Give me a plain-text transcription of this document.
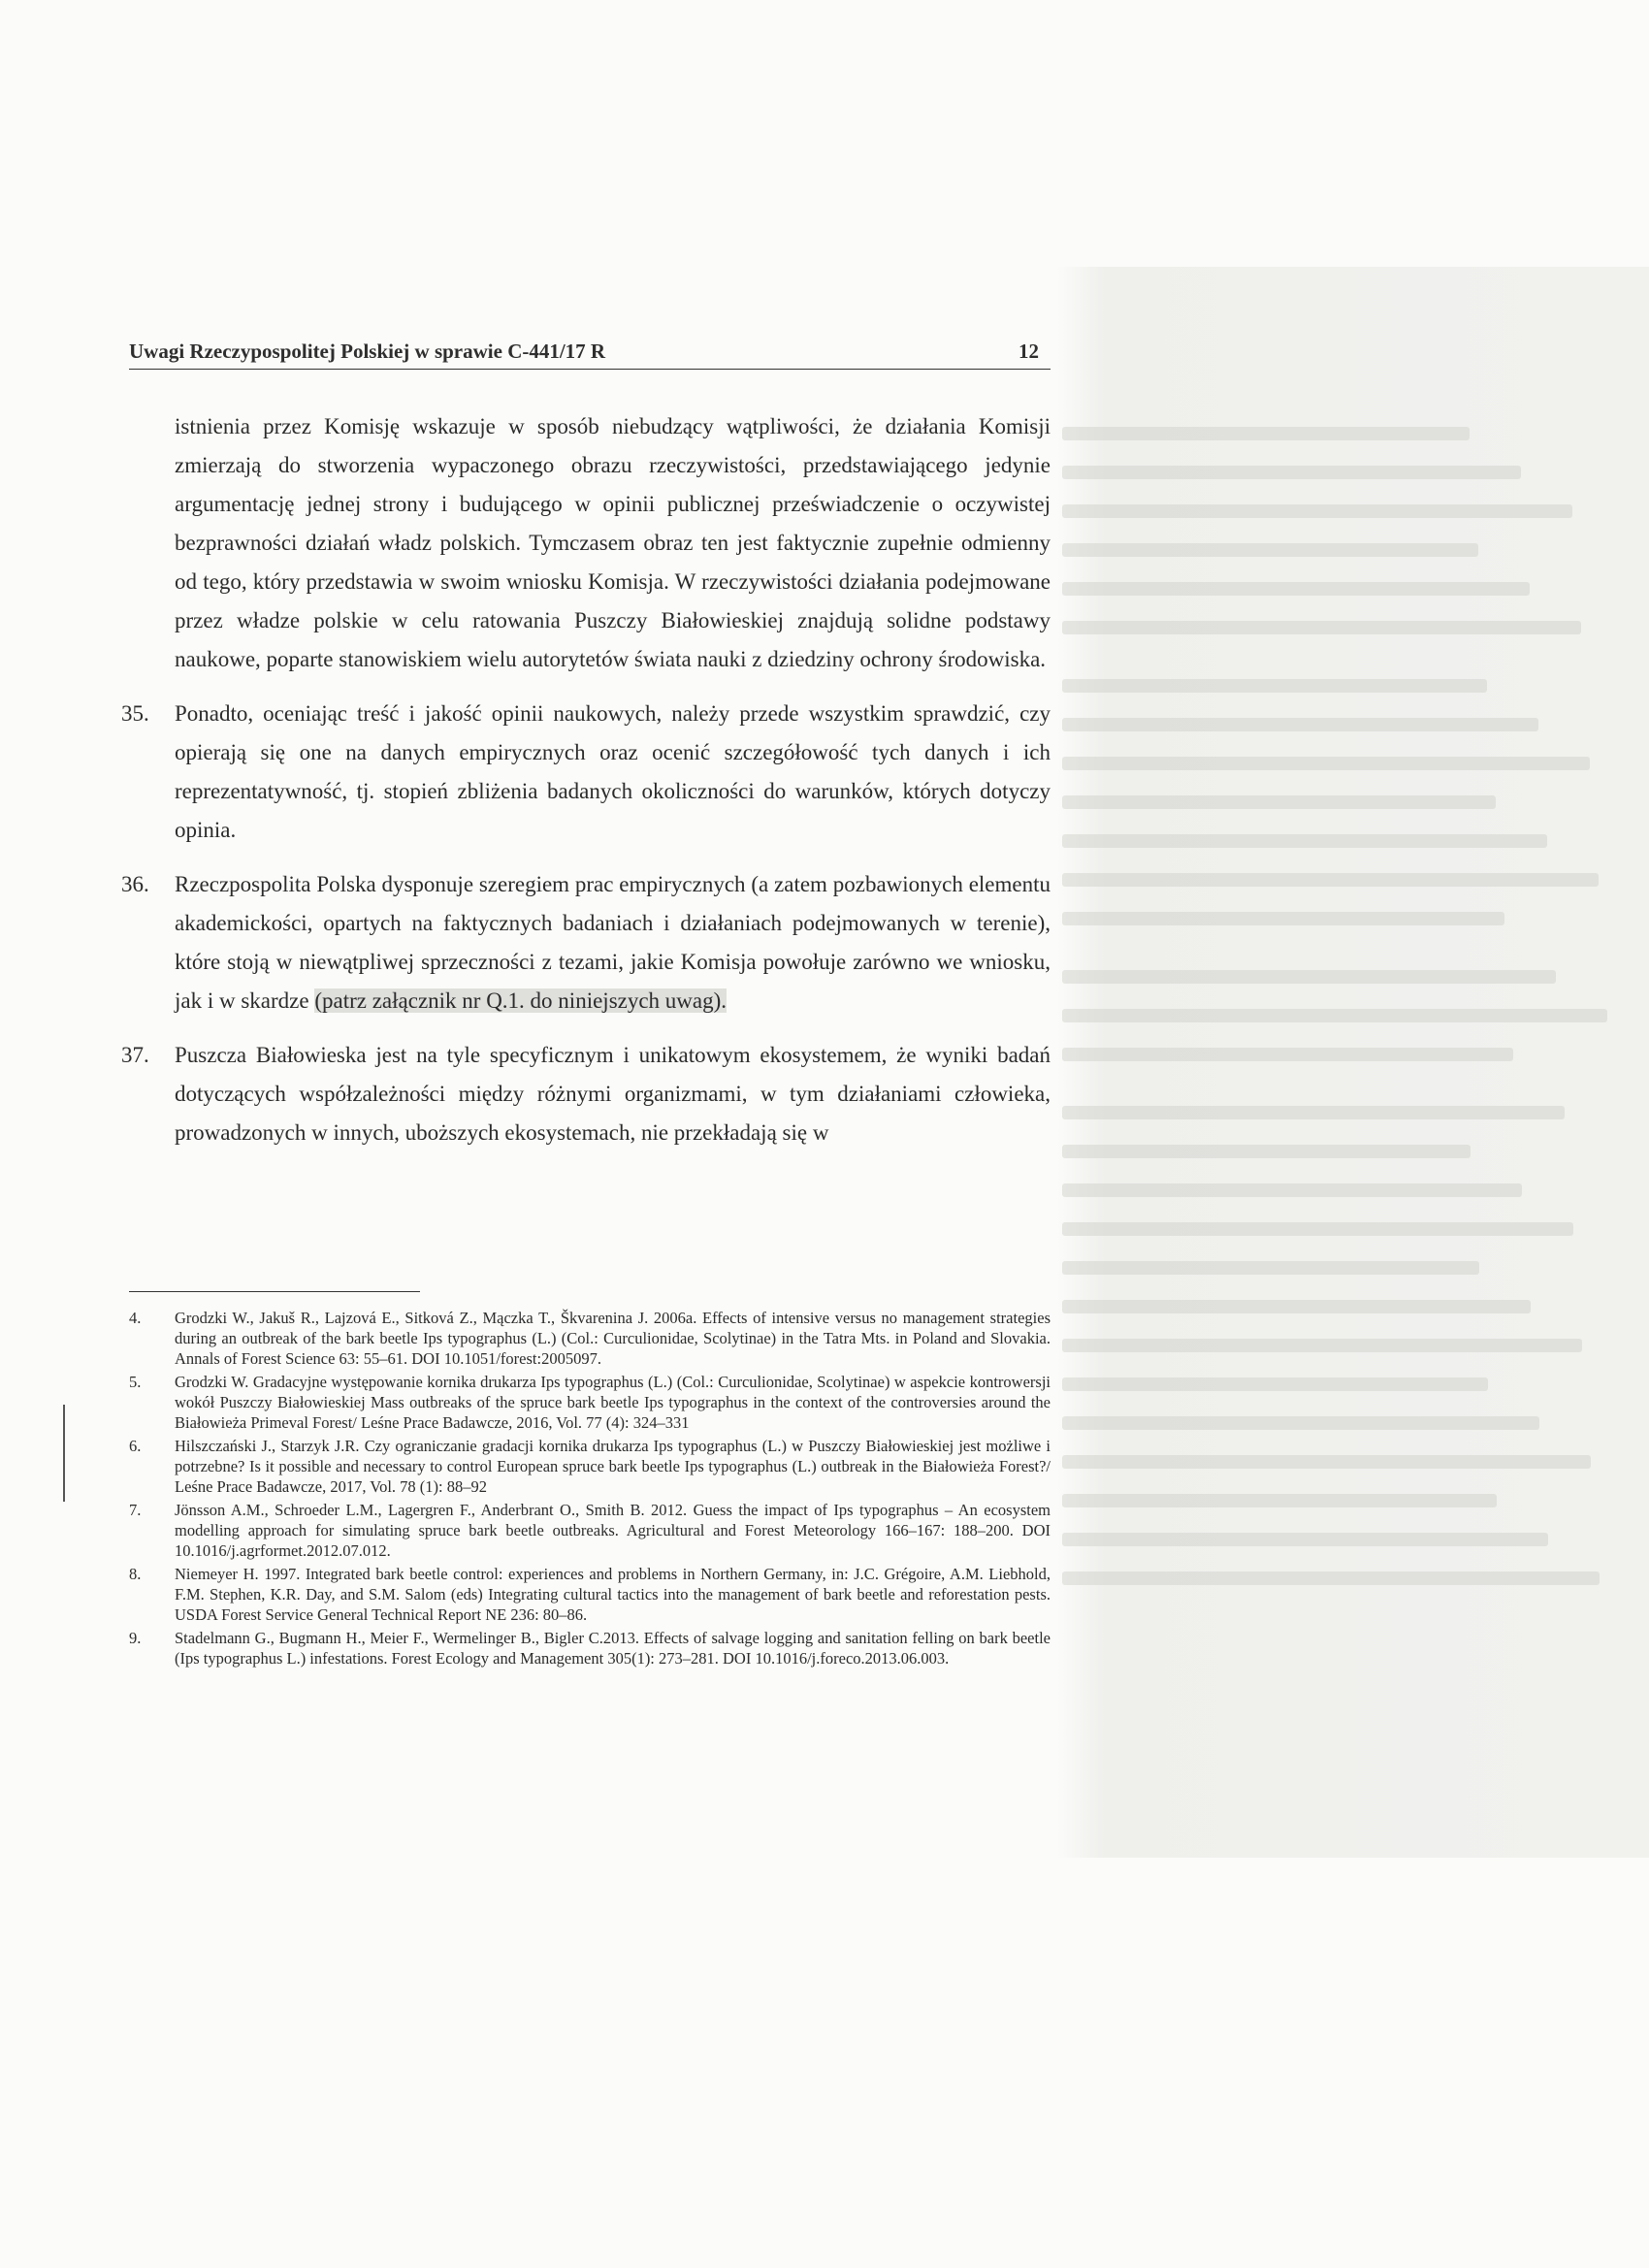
Uwagi Rzeczypospolitej Polskiej w sprawie C-441/17 R	12

istnienia przez Komisję wskazuje w sposób niebudzący wątpliwości, że działania Komisji zmierzają do stworzenia wypaczonego obrazu rzeczywistości, przedstawiającego jedynie argumentację jednej strony i budującego w opinii publicznej przeświadczenie o oczywistej bezprawności działań władz polskich. Tymczasem obraz ten jest faktycznie zupełnie odmienny od tego, który przedstawia w swoim wniosku Komisja. W rzeczywistości działania podejmowane przez władze polskie w celu ratowania Puszczy Białowieskiej znajdują solidne podstawy naukowe, poparte stanowiskiem wielu autorytetów świata nauki z dziedziny ochrony środowiska.

35. Ponadto, oceniając treść i jakość opinii naukowych, należy przede wszystkim sprawdzić, czy opierają się one na danych empirycznych oraz ocenić szczegółowość tych danych i ich reprezentatywność, tj. stopień zbliżenia badanych okoliczności do warunków, których dotyczy opinia.
36. Rzeczpospolita Polska dysponuje szeregiem prac empirycznych (a zatem pozbawionych elementu akademickości, opartych na faktycznych badaniach i działaniach podejmowanych w terenie), które stoją w niewątpliwej sprzeczności z tezami, jakie Komisja powołuje zarówno we wniosku, jak i w skardze (patrz załącznik nr Q.1. do niniejszych uwag).
37. Puszcza Białowieska jest na tyle specyficznym i unikatowym ekosystemem, że wyniki badań dotyczących współzależności między różnymi organizmami, w tym działaniami człowieka, prowadzonych w innych, uboższych ekosystemach, nie przekładają się w
4. Grodzki W., Jakuš R., Lajzová E., Sitková Z., Mączka T., Škvarenina J. 2006a. Effects of intensive versus no management strategies during an outbreak of the bark beetle Ips typographus (L.) (Col.: Curculionidae, Scolytinae) in the Tatra Mts. in Poland and Slovakia. Annals of Forest Science 63: 55–61. DOI 10.1051/forest:2005097.
5. Grodzki W. Gradacyjne występowanie kornika drukarza Ips typographus (L.) (Col.: Curculionidae, Scolytinae) w aspekcie kontrowersji wokół Puszczy Białowieskiej Mass outbreaks of the spruce bark beetle Ips typographus in the context of the controversies around the Białowieża Primeval Forest/ Leśne Prace Badawcze, 2016, Vol. 77 (4): 324–331
6. Hilszczański J., Starzyk J.R. Czy ograniczanie gradacji kornika drukarza Ips typographus (L.) w Puszczy Białowieskiej jest możliwe i potrzebne? Is it possible and necessary to control European spruce bark beetle Ips typographus (L.) outbreak in the Białowieża Forest?/ Leśne Prace Badawcze, 2017, Vol. 78 (1): 88–92
7. Jönsson A.M., Schroeder L.M., Lagergren F., Anderbrant O., Smith B. 2012. Guess the impact of Ips typographus – An ecosystem modelling approach for simulating spruce bark beetle outbreaks. Agricultural and Forest Meteorology 166–167: 188–200. DOI 10.1016/j.agrformet.2012.07.012.
8. Niemeyer H. 1997. Integrated bark beetle control: experiences and problems in Northern Germany, in: J.C. Grégoire, A.M. Liebhold, F.M. Stephen, K.R. Day, and S.M. Salom (eds) Integrating cultural tactics into the management of bark beetle and reforestation pests. USDA Forest Service General Technical Report NE 236: 80–86.
9. Stadelmann G., Bugmann H., Meier F., Wermelinger B., Bigler C.2013. Effects of salvage logging and sanitation felling on bark beetle (Ips typographus L.) infestations. Forest Ecology and Management 305(1): 273–281. DOI 10.1016/j.foreco.2013.06.003.
